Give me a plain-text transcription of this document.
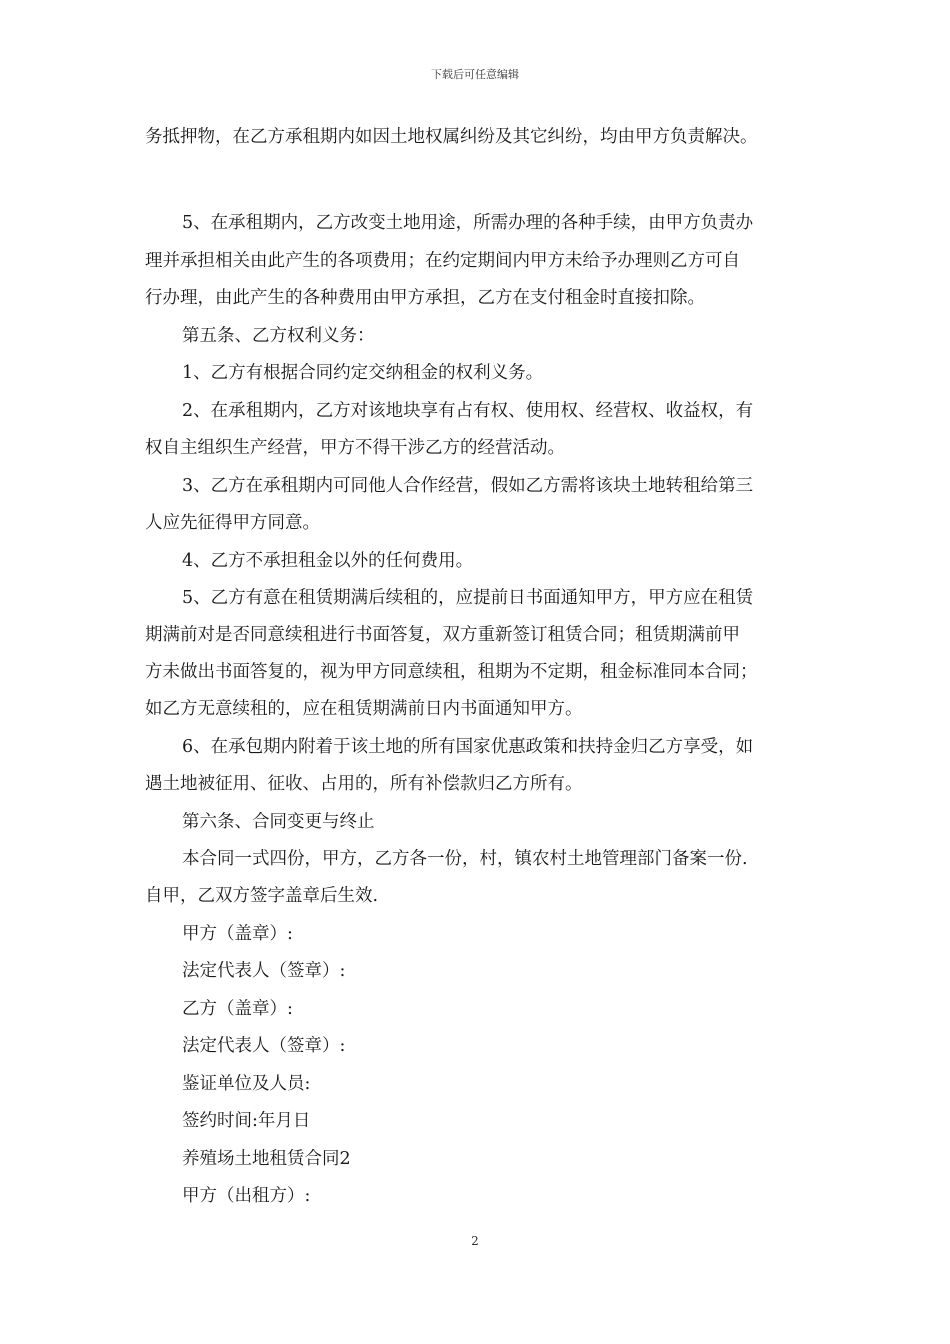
下载后可任意编辑
务抵押物，在乙方承租期内如因土地权属纠纷及其它纠纷，均由甲方负责解决。
5、在承租期内，乙方改变土地用途，所需办理的各种手续，由甲方负责办
理并承担相关由此产生的各项费用；在约定期间内甲方未给予办理则乙方可自
行办理，由此产生的各种费用由甲方承担，乙方在支付租金时直接扣除。
第五条、乙方权利义务：
1、乙方有根据合同约定交纳租金的权利义务。
2、在承租期内，乙方对该地块享有占有权、使用权、经营权、收益权，有
权自主组织生产经营，甲方不得干涉乙方的经营活动。
3、乙方在承租期内可同他人合作经营，假如乙方需将该块土地转租给第三
人应先征得甲方同意。
4、乙方不承担租金以外的任何费用。
5、乙方有意在租赁期满后续租的，应提前日书面通知甲方，甲方应在租赁
期满前对是否同意续租进行书面答复，双方重新签订租赁合同；租赁期满前甲
方未做出书面答复的，视为甲方同意续租，租期为不定期，租金标准同本合同；
如乙方无意续租的，应在租赁期满前日内书面通知甲方。
6、在承包期内附着于该土地的所有国家优惠政策和扶持金归乙方享受，如
遇土地被征用、征收、占用的，所有补偿款归乙方所有。
第六条、合同变更与终止
本合同一式四份，甲方，乙方各一份，村，镇农村土地管理部门备案一份.
自甲，乙双方签字盖章后生效.
甲方（盖章）:
法定代表人（签章）:
乙方（盖章）:
法定代表人（签章）:
鉴证单位及人员:
签约时间:年月日
养殖场土地租赁合同2
甲方（出租方）:
2
